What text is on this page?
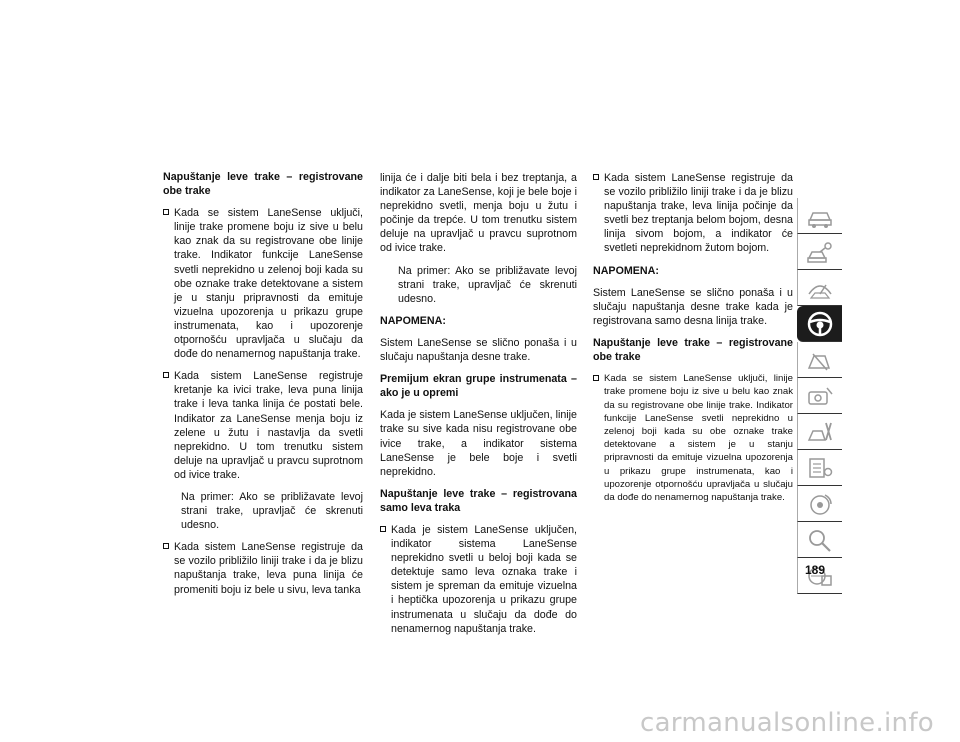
Napuštanje leve trake – registrovane obe trake

Kada se sistem LaneSense uključi, linije trake promene boju iz sive u belu kao znak da su registrovane obe linije trake. Indikator funkcije LaneSense svetli neprekidno u zelenoj boji kada su obe oznake trake detektovane a sistem je u stanju pripravnosti da emituje vizuelna upozorenja u prikazu grupe instrumenata, kao i upozorenje otpornošću upravljača u slučaju da dođe do nenamernog napuštanja trake.
Kada sistem LaneSense registruje kretanje ka ivici trake, leva puna linija trake i leva tanka linija će postati bele. Indikator za LaneSense menja boju iz zelene u žutu i nastavlja da svetli neprekidno. U tom trenutku sistem deluje na upravljač u pravcu suprotnom od ivice trake.

Na primer: Ako se približavate levoj strani trake, upravljač će skrenuti udesno.

Kada sistem LaneSense registruje da se vozilo približilo liniji trake i da je blizu napuštanja trake, leva puna linija će promeniti boju iz bele u sivu, leva tanka

linija će i dalje biti bela i bez treptanja, a indikator za LaneSense, koji je bele boje i neprekidno svetli, menja boju u žutu i počinje da trepće. U tom trenutku sistem deluje na upravljač u pravcu suprotnom od ivice trake.

Na primer: Ako se približavate levoj strani trake, upravljač će skrenuti udesno.

NAPOMENA:

Sistem LaneSense se slično ponaša i u slučaju napuštanja desne trake.

Premijum ekran grupe instrumenata – ako je u opremi

Kada je sistem LaneSense uključen, linije trake su sive kada nisu registrovane obe ivice trake, a indikator sistema LaneSense je bele boje i svetli neprekidno.

Napuštanje leve trake – registrovana samo leva traka

Kada je sistem LaneSense uključen, indikator sistema LaneSense neprekidno svetli u beloj boji kada se detektuje samo leva oznaka trake i sistem je spreman da emituje vizuelna i heptička upozorenja u prikazu grupe instrumenata u slučaju da dođe do nenamernog napuštanja trake.
Kada sistem LaneSense registruje da se vozilo približilo liniji trake i da je blizu napuštanja trake, leva linija počinje da svetli bez treptanja belom bojom, desna linija sivom bojom, a indikator će svetleti neprekidnom žutom bojom.

NAPOMENA:

Sistem LaneSense se slično ponaša i u slučaju napuštanja desne trake kada je registrovana samo desna linija trake.

Napuštanje leve trake – registrovane obe trake

Kada se sistem LaneSense uključi, linije trake promene boju iz sive u belu kao znak da su registrovane obe linije trake. Indikator funkcije LaneSense svetli neprekidno u zelenoj boji kada su obe oznake trake detektovane a sistem je u stanju pripravnosti da emituje vizuelna upozorenja u prikazu grupe instrumenata, kao i upozorenje otpornošću upravljača u slučaju da dođe do nenamernog napuštanja trake.
189
carmanualsonline.info
